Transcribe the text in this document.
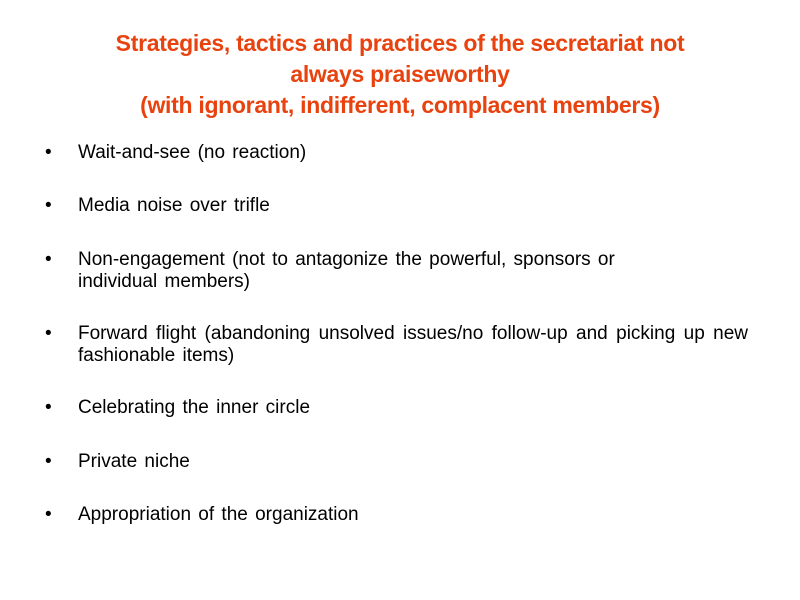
Strategies, tactics and practices of the secretariat not
always praiseworthy
(with ignorant, indifferent, complacent members)
•	Wait-and-see (no reaction)
•	Media noise over trifle
•	Non-engagement (not to antagonize the powerful, sponsors or individual members)
•	Forward flight (abandoning unsolved issues/no follow-up and picking up new fashionable items)
•	Celebrating the inner circle
•	Private niche
•	Appropriation of the organization
